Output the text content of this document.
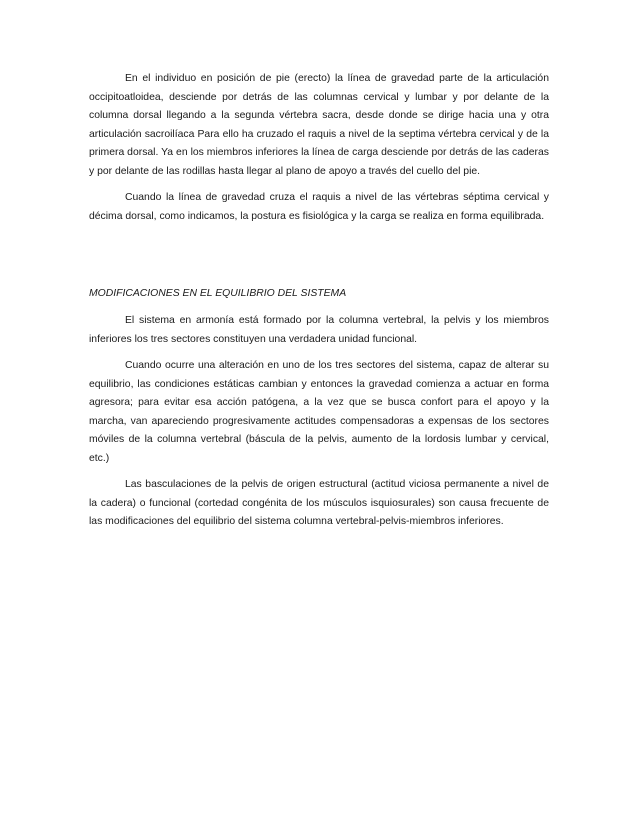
En el individuo en posición de pie (erecto) la línea de gravedad parte de la articulación occipitoatloidea, desciende por detrás de las columnas cervical y lumbar y por delante de la columna dorsal llegando a la segunda vértebra sacra, desde donde se dirige hacia una y otra articulación sacroilíaca Para ello ha cruzado el raquis a nivel de la septima vértebra cervical y de la primera dorsal. Ya en los miembros inferiores la línea de carga desciende por detrás de las caderas y por delante de las rodillas hasta llegar al plano de apoyo a través del cuello del pie.

Cuando la línea de gravedad cruza el raquis a nivel de las vértebras séptima cervical y décima dorsal, como indicamos, la postura es fisiológica y la carga se realiza en forma equilibrada.

MODIFICACIONES EN EL EQUILIBRIO DEL SISTEMA

El sistema en armonía está formado por la columna vertebral, la pelvis y los miembros inferiores los tres sectores constituyen una verdadera unidad funcional.

Cuando ocurre una alteración en uno de los tres sectores del sistema, capaz de alterar su equilibrio, las condiciones estáticas cambian y entonces la gravedad comienza a actuar en forma agresora; para evitar esa acción patógena, a la vez que se busca confort para el apoyo y la marcha, van apareciendo progresivamente actitudes compensadoras a expensas de los sectores móviles de la columna vertebral (báscula de la pelvis, aumento de la lordosis lumbar y cervical, etc.)

Las basculaciones de la pelvis de origen estructural (actitud viciosa permanente a nivel de la cadera) o funcional (cortedad congénita de los músculos isquiosurales) son causa frecuente de las modificaciones del equilibrio del sistema columna vertebral-pelvis-miembros inferiores.
